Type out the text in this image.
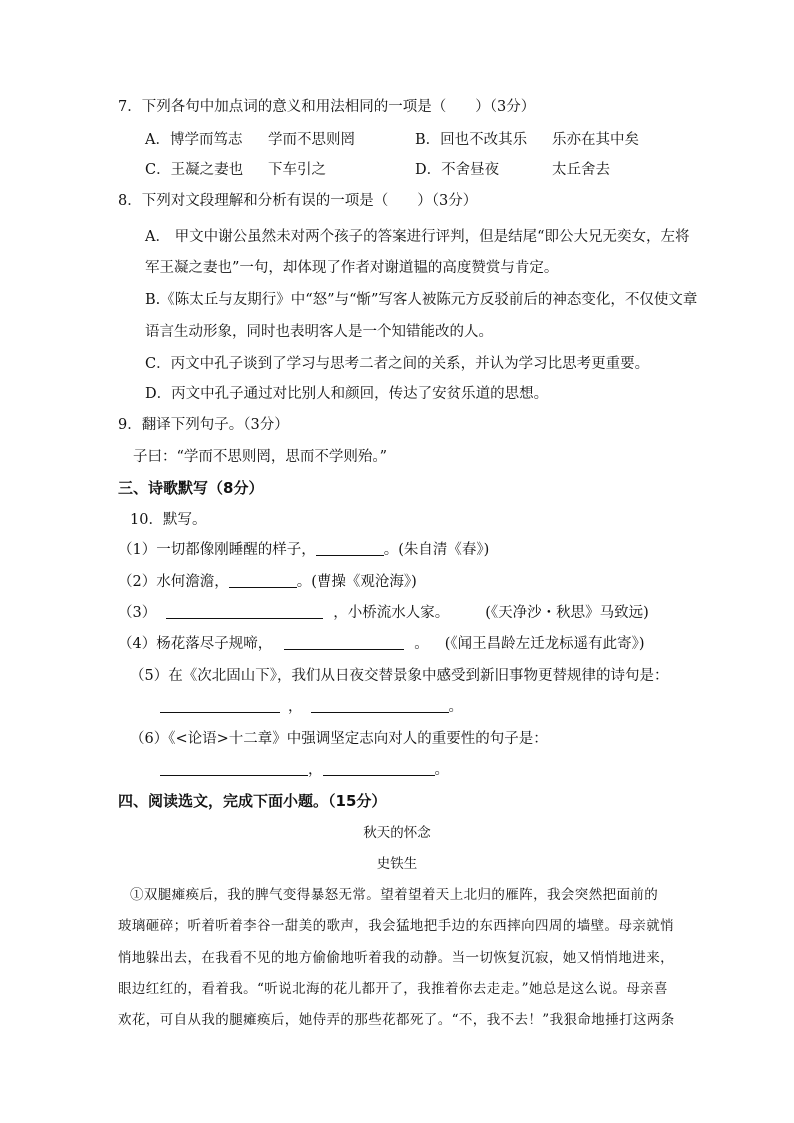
7．下列各句中加点词的意义和用法相同的一项是（　　）（3分）
A．博学而笃志 学而不思则罔	B．回也不改其乐 乐亦在其中矣
C．王凝之妻也 下车引之	D．不舍昼夜	太丘舍去
8．下列对文段理解和分析有误的一项是（　　）（3分）
A． 甲文中谢公虽然未对两个孩子的答案进行评判，但是结尾“即公大兄无奕女，左将
军王凝之妻也”一句，却体现了作者对谢道韫的高度赞赏与肯定。
B.《陈太丘与友期行》中“怒”与“惭”写客人被陈元方反驳前后的神态变化，不仅使文章
语言生动形象，同时也表明客人是一个知错能改的人。
C．丙文中孔子谈到了学习与思考二者之间的关系，并认为学习比思考更重要。
D．丙文中孔子通过对比别人和颜回，传达了安贫乐道的思想。
9．翻译下列句子。（3分）
子曰：“学而不思则罔，思而不学则殆。”
三、诗歌默写（8分）
10．默写。
（1）一切都像刚睡醒的样子，	。(朱自清《春》)
（2）水何澹澹，	。(曹操《观沧海》)
（3）	，小桥流水人家。 (《天净沙・秋思》马致远)
（4）杨花落尽子规啼，	。 (《闻王昌龄左迁龙标遥有此寄》)
（5）在《次北固山下》，我们从日夜交替景象中感受到新旧事物更替规律的诗句是：
，	。
（6）《<论语>十二章》中强调坚定志向对人的重要性的句子是：
，	。
四、阅读选文，完成下面小题。（15分）
秋天的怀念
史铁生
①双腿瘫痪后，我的脾气变得暴怒无常。望着望着天上北归的雁阵，我会突然把面前的
玻璃砸碎；听着听着李谷一甜美的歌声，我会猛地把手边的东西摔向四周的墙壁。母亲就悄
悄地躲出去，在我看不见的地方偷偷地听着我的动静。当一切恢复沉寂，她又悄悄地进来，
眼边红红的，看着我。“听说北海的花儿都开了，我推着你去走走。”她总是这么说。母亲喜
欢花，可自从我的腿瘫痪后，她侍弄的那些花都死了。“不，我不去！”我狠命地捶打这两条
